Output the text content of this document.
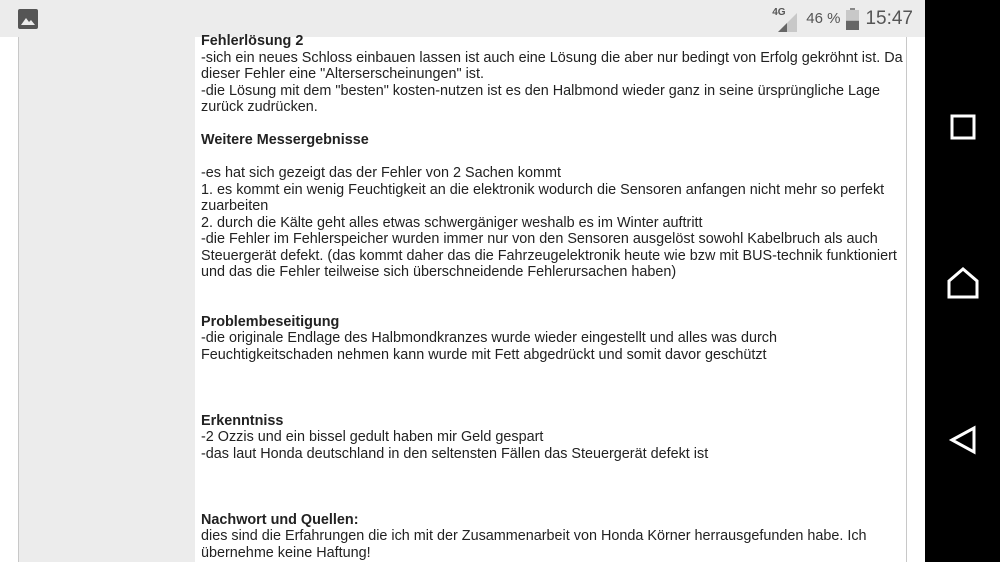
4G 46 % 15:47

Fehlerlösung 2

-sich ein neues Schloss einbauen lassen ist auch eine Lösung die aber nur bedingt von Erfolg gekröhnt ist. Da dieser Fehler eine "Alterserscheinungen" ist.

-die Lösung mit dem "besten" kosten-nutzen ist es den Halbmond wieder ganz in seine ürsprüngliche Lage zurück zudrücken.

Weitere Messergebnisse

-es hat sich gezeigt das der Fehler von 2 Sachen kommt

1. es kommt ein wenig Feuchtigkeit an die elektronik wodurch die Sensoren anfangen nicht mehr so perfekt zuarbeiten

2. durch die Kälte geht alles etwas schwergäniger weshalb es im Winter auftritt

-die Fehler im Fehlerspeicher wurden immer nur von den Sensoren ausgelöst sowohl Kabelbruch als auch Steuergerät defekt. (das kommt daher das die Fahrzeugelektronik heute wie bzw mit BUS-technik funktioniert und das die Fehler teilweise sich überschneidende Fehlerursachen haben)

Problembeseitigung

-die originale Endlage des Halbmondkranzes wurde wieder eingestellt und alles was durch Feuchtigkeitschaden nehmen kann wurde mit Fett abgedrückt und somit davor geschützt

Erkenntniss

-2 Ozzis und ein bissel gedult haben mir Geld gespart

-das laut Honda deutschland in den seltensten Fällen das Steuergerät defekt ist

Nachwort und Quellen:

dies sind die Erfahrungen die ich mit der Zusammenarbeit von Honda Körner herrausgefunden habe. Ich übernehme keine Haftung!
